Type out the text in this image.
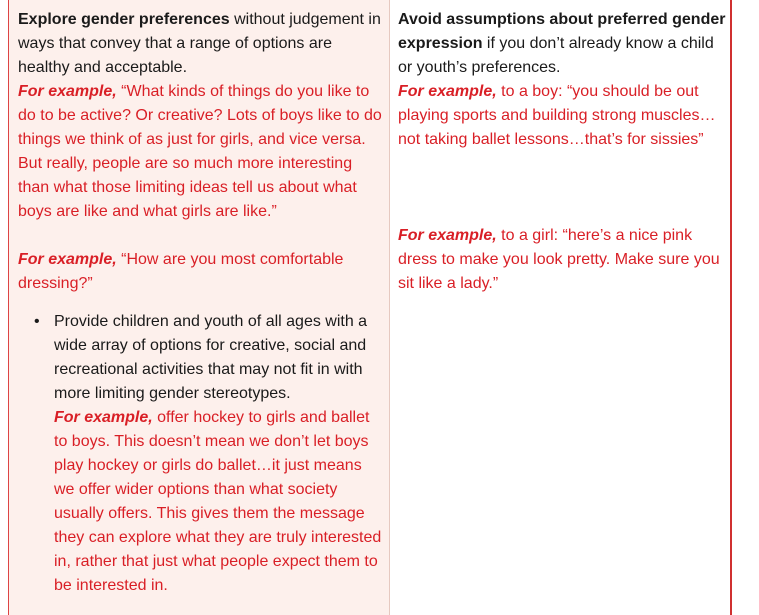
Explore gender preferences without judgement in ways that convey that a range of options are healthy and acceptable.

For example, “What kinds of things do you like to do to be active? Or creative? Lots of boys like to do things we think of as just for girls, and vice versa. But really, people are so much more interesting than what those limiting ideas tell us about what boys are like and what girls are like.”

For example, “How are you most comfortable dressing?”

• Provide children and youth of all ages with a wide array of options for creative, social and recreational activities that may not fit in with more limiting gender stereotypes.

For example, offer hockey to girls and ballet to boys. This doesn’t mean we don’t let boys play hockey or girls do ballet…it just means we offer wider options than what society usually offers. This gives them the message they can explore what they are truly interested in, rather that just what people expect them to be interested in.

Avoid assumptions about preferred gender expression if you don’t already know a child or youth’s preferences.

For example, to a boy: “you should be out playing sports and building strong muscles… not taking ballet lessons…that’s for sissies”

For example, to a girl: “here’s a nice pink dress to make you look pretty. Make sure you sit like a lady.”
